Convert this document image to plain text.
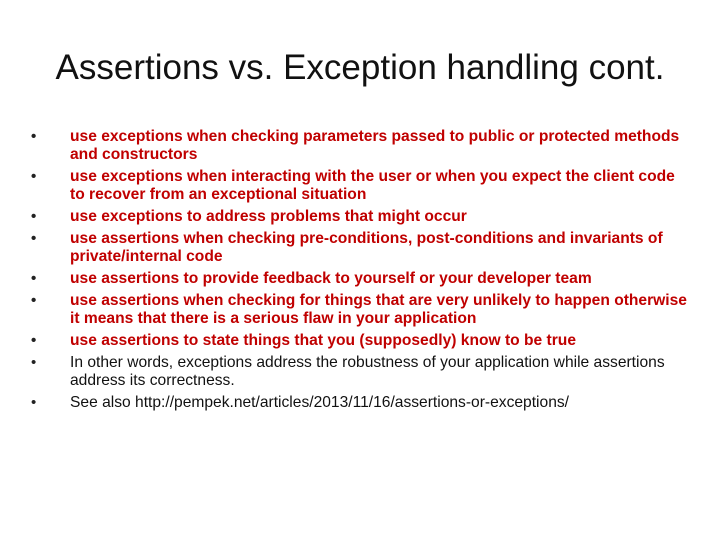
Assertions vs. Exception handling cont.
• use exceptions when checking parameters passed to public or protected methods and constructors
• use exceptions when interacting with the user or when you expect the client code to recover from an exceptional situation
• use exceptions to address problems that might occur
• use assertions when checking pre-conditions, post-conditions and invariants of private/internal code
• use assertions to provide feedback to yourself or your developer team
• use assertions when checking for things that are very unlikely to happen otherwise it means that there is a serious flaw in your application
• use assertions to state things that you (supposedly) know to be true
• In other words, exceptions address the robustness of your application while assertions address its correctness.
• See also http://pempek.net/articles/2013/11/16/assertions-or-exceptions/
